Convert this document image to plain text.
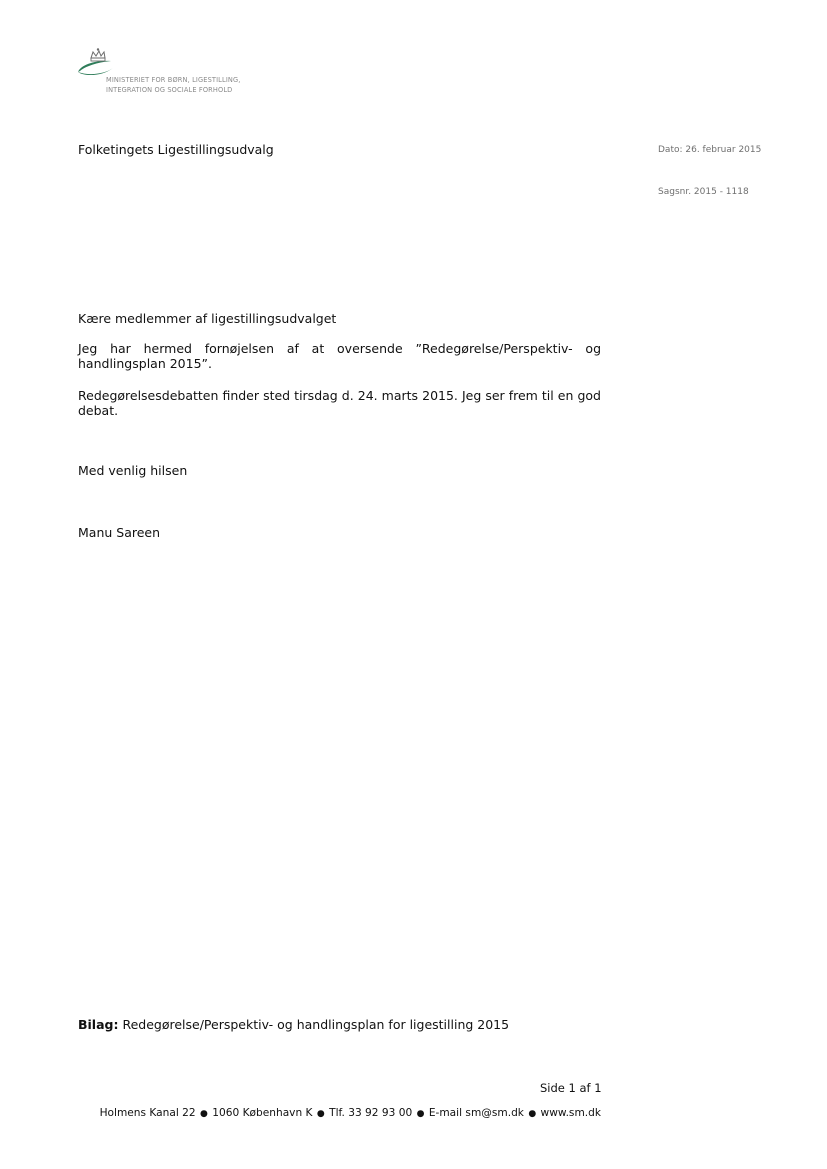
MINISTERIET FOR BØRN, LIGESTILLING,
INTEGRATION OG SOCIALE FORHOLD
Folketingets Ligestillingsudvalg	Dato: 26. februar 2015
Sagsnr. 2015 - 1118
Kære medlemmer af ligestillingsudvalget
Jeg har hermed fornøjelsen af at oversende ”Redegørelse/Perspektiv- og handlingsplan 2015”.
Redegørelsesdebatten finder sted tirsdag d. 24. marts 2015. Jeg ser frem til en god debat.
Med venlig hilsen
Manu Sareen
Bilag: Redegørelse/Perspektiv- og handlingsplan for ligestilling 2015
Side 1 af 1
Holmens Kanal 22 ● 1060 København K ● Tlf. 33 92 93 00 ● E-mail sm@sm.dk ● www.sm.dk
